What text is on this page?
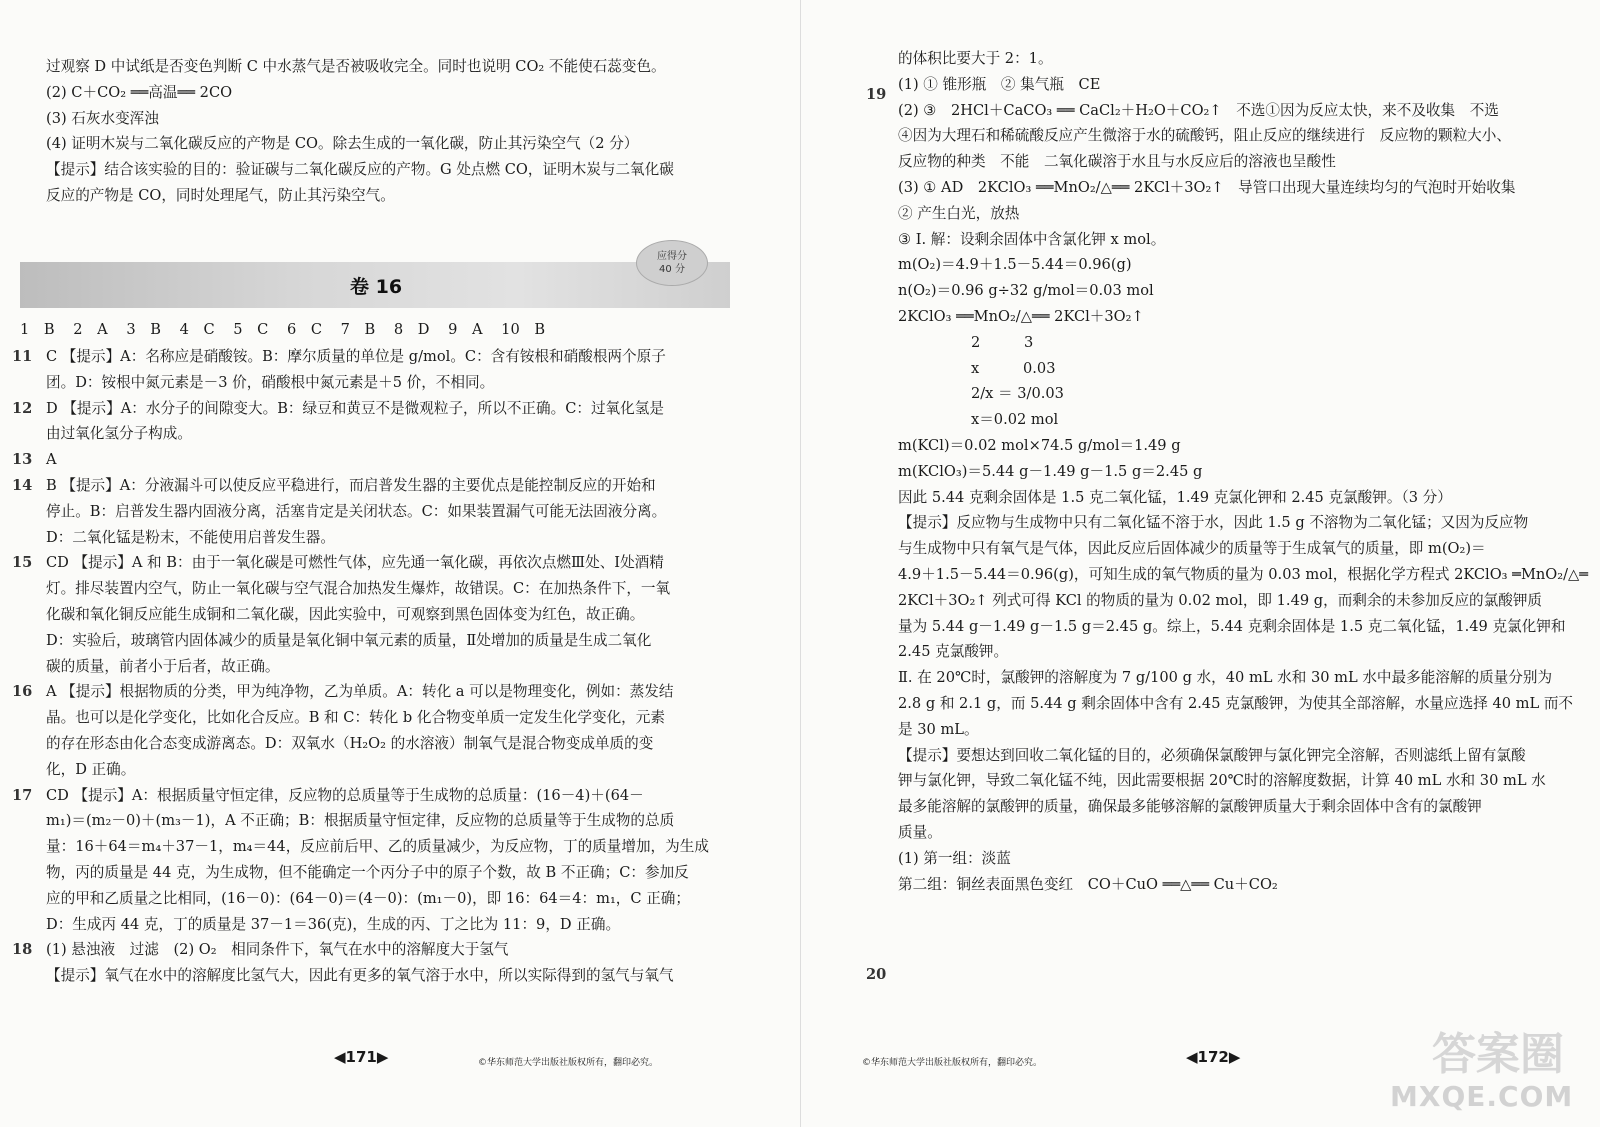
过观察 D 中试纸是否变色判断 C 中水蒸气是否被吸收完全。同时也说明 CO₂ 不能使石蕊变色。
(2) C＋CO₂ ══高温══ 2CO
(3) 石灰水变浑浊
(4) 证明木炭与二氧化碳反应的产物是 CO。除去生成的一氧化碳，防止其污染空气（2 分）
【提示】结合该实验的目的：验证碳与二氧化碳反应的产物。G 处点燃 CO，证明木炭与二氧化碳
反应的产物是 CO，同时处理尾气，防止其污染空气。
卷 16
应得分
40 分
1　B 2　A 3　B 4　C 5　C 6　C 7　B 8　D 9　A 10　B
11 C 【提示】A：名称应是硝酸铵。B：摩尔质量的单位是 g/mol。C：含有铵根和硝酸根两个原子
团。D：铵根中氮元素是－3 价，硝酸根中氮元素是＋5 价，不相同。
12 D 【提示】A：水分子的间隙变大。B：绿豆和黄豆不是微观粒子，所以不正确。C：过氧化氢是
由过氧化氢分子构成。
13 A
14 B 【提示】A：分液漏斗可以使反应平稳进行，而启普发生器的主要优点是能控制反应的开始和
停止。B：启普发生器内固液分离，活塞肯定是关闭状态。C：如果装置漏气可能无法固液分离。
D：二氧化锰是粉末，不能使用启普发生器。
15 CD 【提示】A 和 B：由于一氧化碳是可燃性气体，应先通一氧化碳，再依次点燃Ⅲ处、Ⅰ处酒精
灯。排尽装置内空气，防止一氧化碳与空气混合加热发生爆炸，故错误。C：在加热条件下，一氧
化碳和氧化铜反应能生成铜和二氧化碳，因此实验中，可观察到黑色固体变为红色，故正确。
D：实验后，玻璃管内固体减少的质量是氧化铜中氧元素的质量，Ⅱ处增加的质量是生成二氧化
碳的质量，前者小于后者，故正确。
16 A 【提示】根据物质的分类，甲为纯净物，乙为单质。A：转化 a 可以是物理变化，例如：蒸发结
晶。也可以是化学变化，比如化合反应。B 和 C：转化 b 化合物变单质一定发生化学变化，元素
的存在形态由化合态变成游离态。D：双氧水（H₂O₂ 的水溶液）制氧气是混合物变成单质的变
化，D 正确。
17 CD 【提示】A：根据质量守恒定律，反应物的总质量等于生成物的总质量：(16－4)＋(64－
m₁)＝(m₂－0)＋(m₃－1)，A 不正确；B：根据质量守恒定律，反应物的总质量等于生成物的总质
量：16＋64＝m₄＋37－1，m₄＝44，反应前后甲、乙的质量减少，为反应物，丁的质量增加，为生成
物，丙的质量是 44 克，为生成物，但不能确定一个丙分子中的原子个数，故 B 不正确；C：参加反
应的甲和乙质量之比相同，(16－0)：(64－0)＝(4－0)：(m₁－0)，即 16：64＝4：m₁，C 正确；
D：生成丙 44 克，丁的质量是 37－1＝36(克)，生成的丙、丁之比为 11：9，D 正确。
18 (1) 悬浊液　过滤　(2) O₂　相同条件下，氧气在水中的溶解度大于氢气
【提示】氧气在水中的溶解度比氢气大，因此有更多的氧气溶于水中，所以实际得到的氢气与氧气
◀171▶	©华东师范大学出版社版权所有，翻印必究。
19
20
的体积比要大于 2：1。
(1) ① 锥形瓶　② 集气瓶　CE
(2) ③　2HCl＋CaCO₃ ══ CaCl₂＋H₂O＋CO₂↑　不选①因为反应太快，来不及收集　不选
④因为大理石和稀硫酸反应产生微溶于水的硫酸钙，阻止反应的继续进行　反应物的颗粒大小、
反应物的种类　不能　二氧化碳溶于水且与水反应后的溶液也呈酸性
(3) ① AD　2KClO₃ ══MnO₂/△══ 2KCl＋3O₂↑　导管口出现大量连续均匀的气泡时开始收集
② 产生白光，放热
③ Ⅰ. 解：设剩余固体中含氯化钾 x mol。
m(O₂)＝4.9＋1.5－5.44＝0.96(g)
n(O₂)＝0.96 g÷32 g/mol＝0.03 mol
2KClO₃ ══MnO₂/△══ 2KCl＋3O₂↑
　　　　　2　　　3
　　　　　x　　　0.03
　　　　　2/x ＝ 3/0.03
　　　　　x＝0.02 mol
m(KCl)＝0.02 mol×74.5 g/mol＝1.49 g
m(KClO₃)＝5.44 g－1.49 g－1.5 g＝2.45 g
因此 5.44 克剩余固体是 1.5 克二氧化锰，1.49 克氯化钾和 2.45 克氯酸钾。（3 分）
【提示】反应物与生成物中只有二氧化锰不溶于水，因此 1.5 g 不溶物为二氧化锰；又因为反应物
与生成物中只有氧气是气体，因此反应后固体减少的质量等于生成氧气的质量，即 m(O₂)＝
4.9＋1.5－5.44＝0.96(g)，可知生成的氧气物质的量为 0.03 mol，根据化学方程式 2KClO₃ ═MnO₂/△═
2KCl＋3O₂↑ 列式可得 KCl 的物质的量为 0.02 mol，即 1.49 g，而剩余的未参加反应的氯酸钾质
量为 5.44 g－1.49 g－1.5 g＝2.45 g。综上，5.44 克剩余固体是 1.5 克二氧化锰，1.49 克氯化钾和
2.45 克氯酸钾。
Ⅱ. 在 20℃时，氯酸钾的溶解度为 7 g/100 g 水，40 mL 水和 30 mL 水中最多能溶解的质量分别为
2.8 g 和 2.1 g，而 5.44 g 剩余固体中含有 2.45 克氯酸钾，为使其全部溶解，水量应选择 40 mL 而不
是 30 mL。
【提示】要想达到回收二氧化锰的目的，必须确保氯酸钾与氯化钾完全溶解，否则滤纸上留有氯酸
钾与氯化钾，导致二氧化锰不纯，因此需要根据 20℃时的溶解度数据，计算 40 mL 水和 30 mL 水
最多能溶解的氯酸钾的质量，确保最多能够溶解的氯酸钾质量大于剩余固体中含有的氯酸钾
质量。
(1) 第一组：淡蓝
第二组：铜丝表面黑色变红　CO＋CuO ══△══ Cu＋CO₂
©华东师范大学出版社版权所有，翻印必究。	◀172▶	答案圈
MXQE.COM
